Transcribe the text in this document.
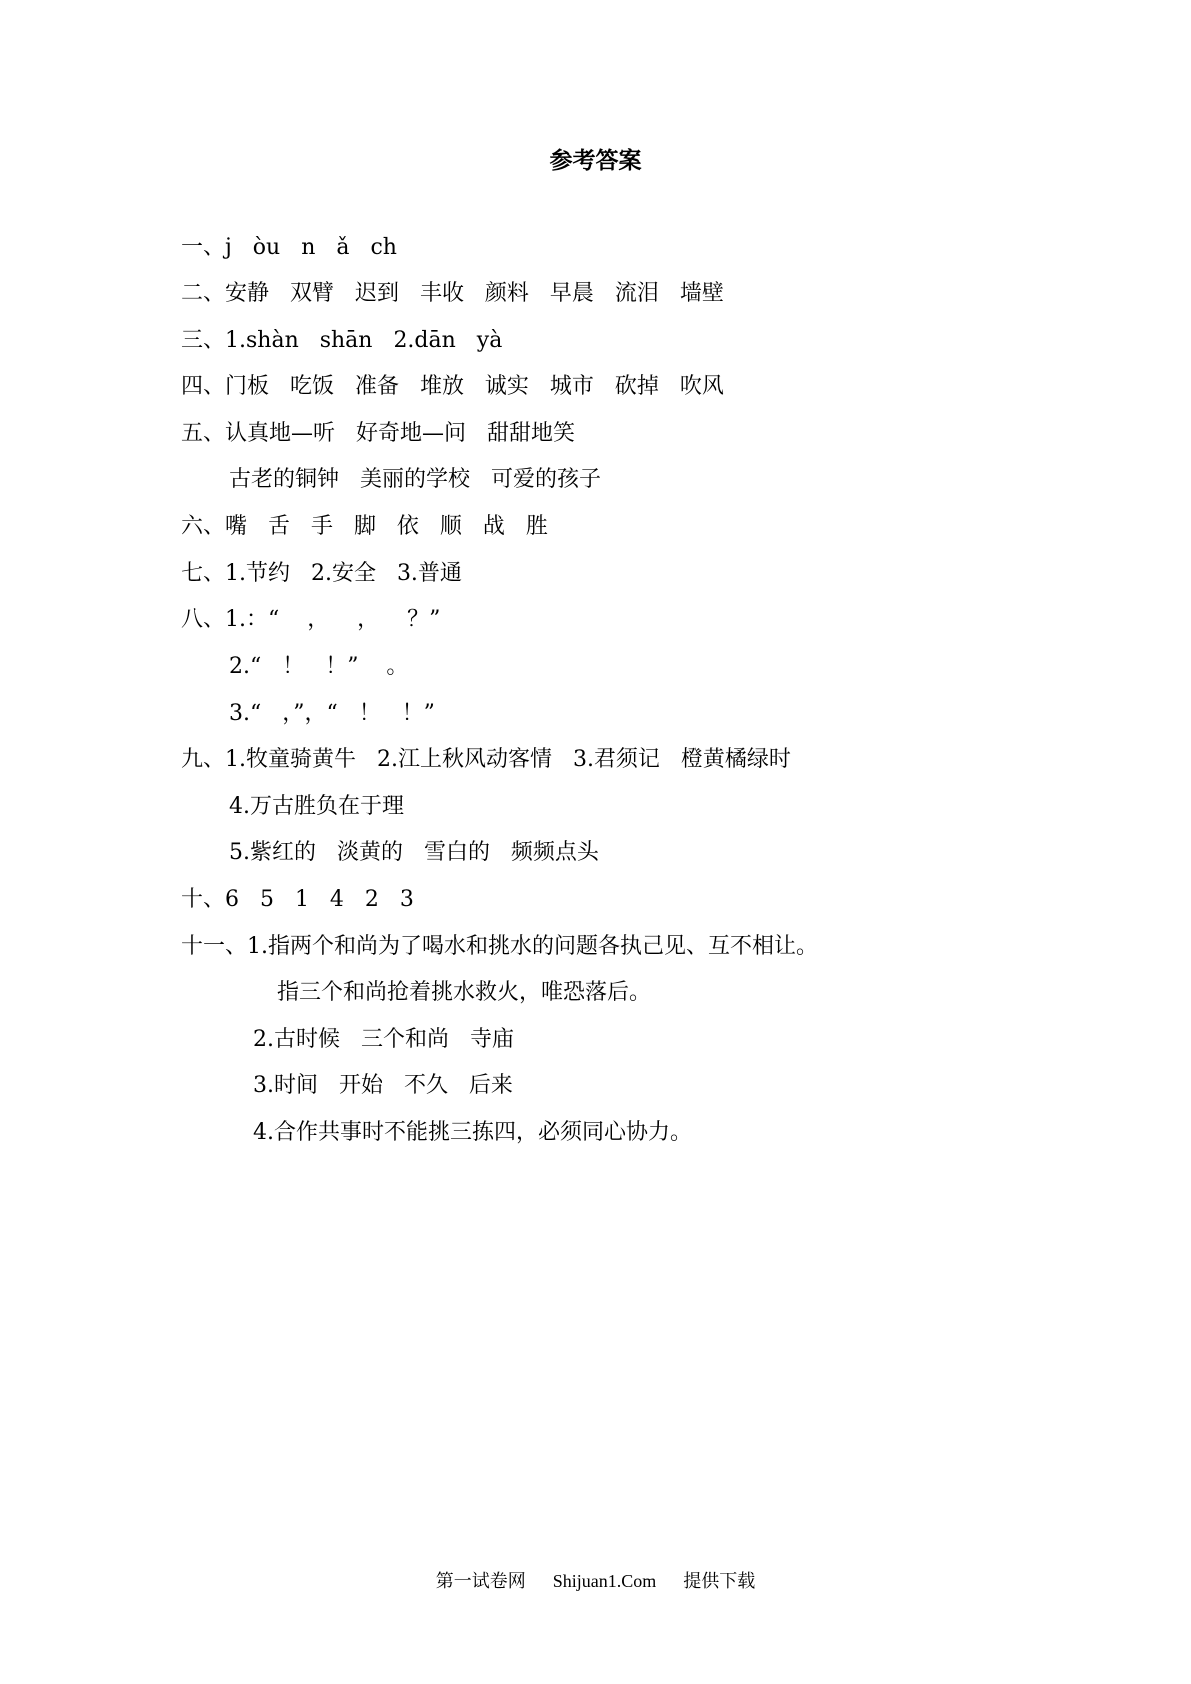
参考答案
一、j   òu   n   ǎ   ch
二、安静   双臂   迟到   丰收   颜料   早晨   流泪   墙壁
三、1.shàn   shān   2.dān   yà
四、门板   吃饭   准备   堆放   诚实   城市   砍掉   吹风
五、认真地—听   好奇地—问   甜甜地笑
古老的铜钟   美丽的学校   可爱的孩子
六、嘴   舌   手   脚   依   顺   战   胜
七、1.节约   2.安全   3.普通
八、1.：“    ，    ，    ？”
2.“   ！   ！”    。
3.“   ，”，“   ！   ！”
九、1.牧童骑黄牛   2.江上秋风动客情   3.君须记   橙黄橘绿时
4.万古胜负在于理
5.紫红的   淡黄的   雪白的   频频点头
十、6   5   1   4   2   3
十一、1.指两个和尚为了喝水和挑水的问题各执己见、互不相让。
指三个和尚抢着挑水救火，唯恐落后。
2.古时候   三个和尚   寺庙
3.时间   开始   不久   后来
4.合作共事时不能挑三拣四，必须同心协力。
第一试卷网      Shijuan1.Com      提供下载
